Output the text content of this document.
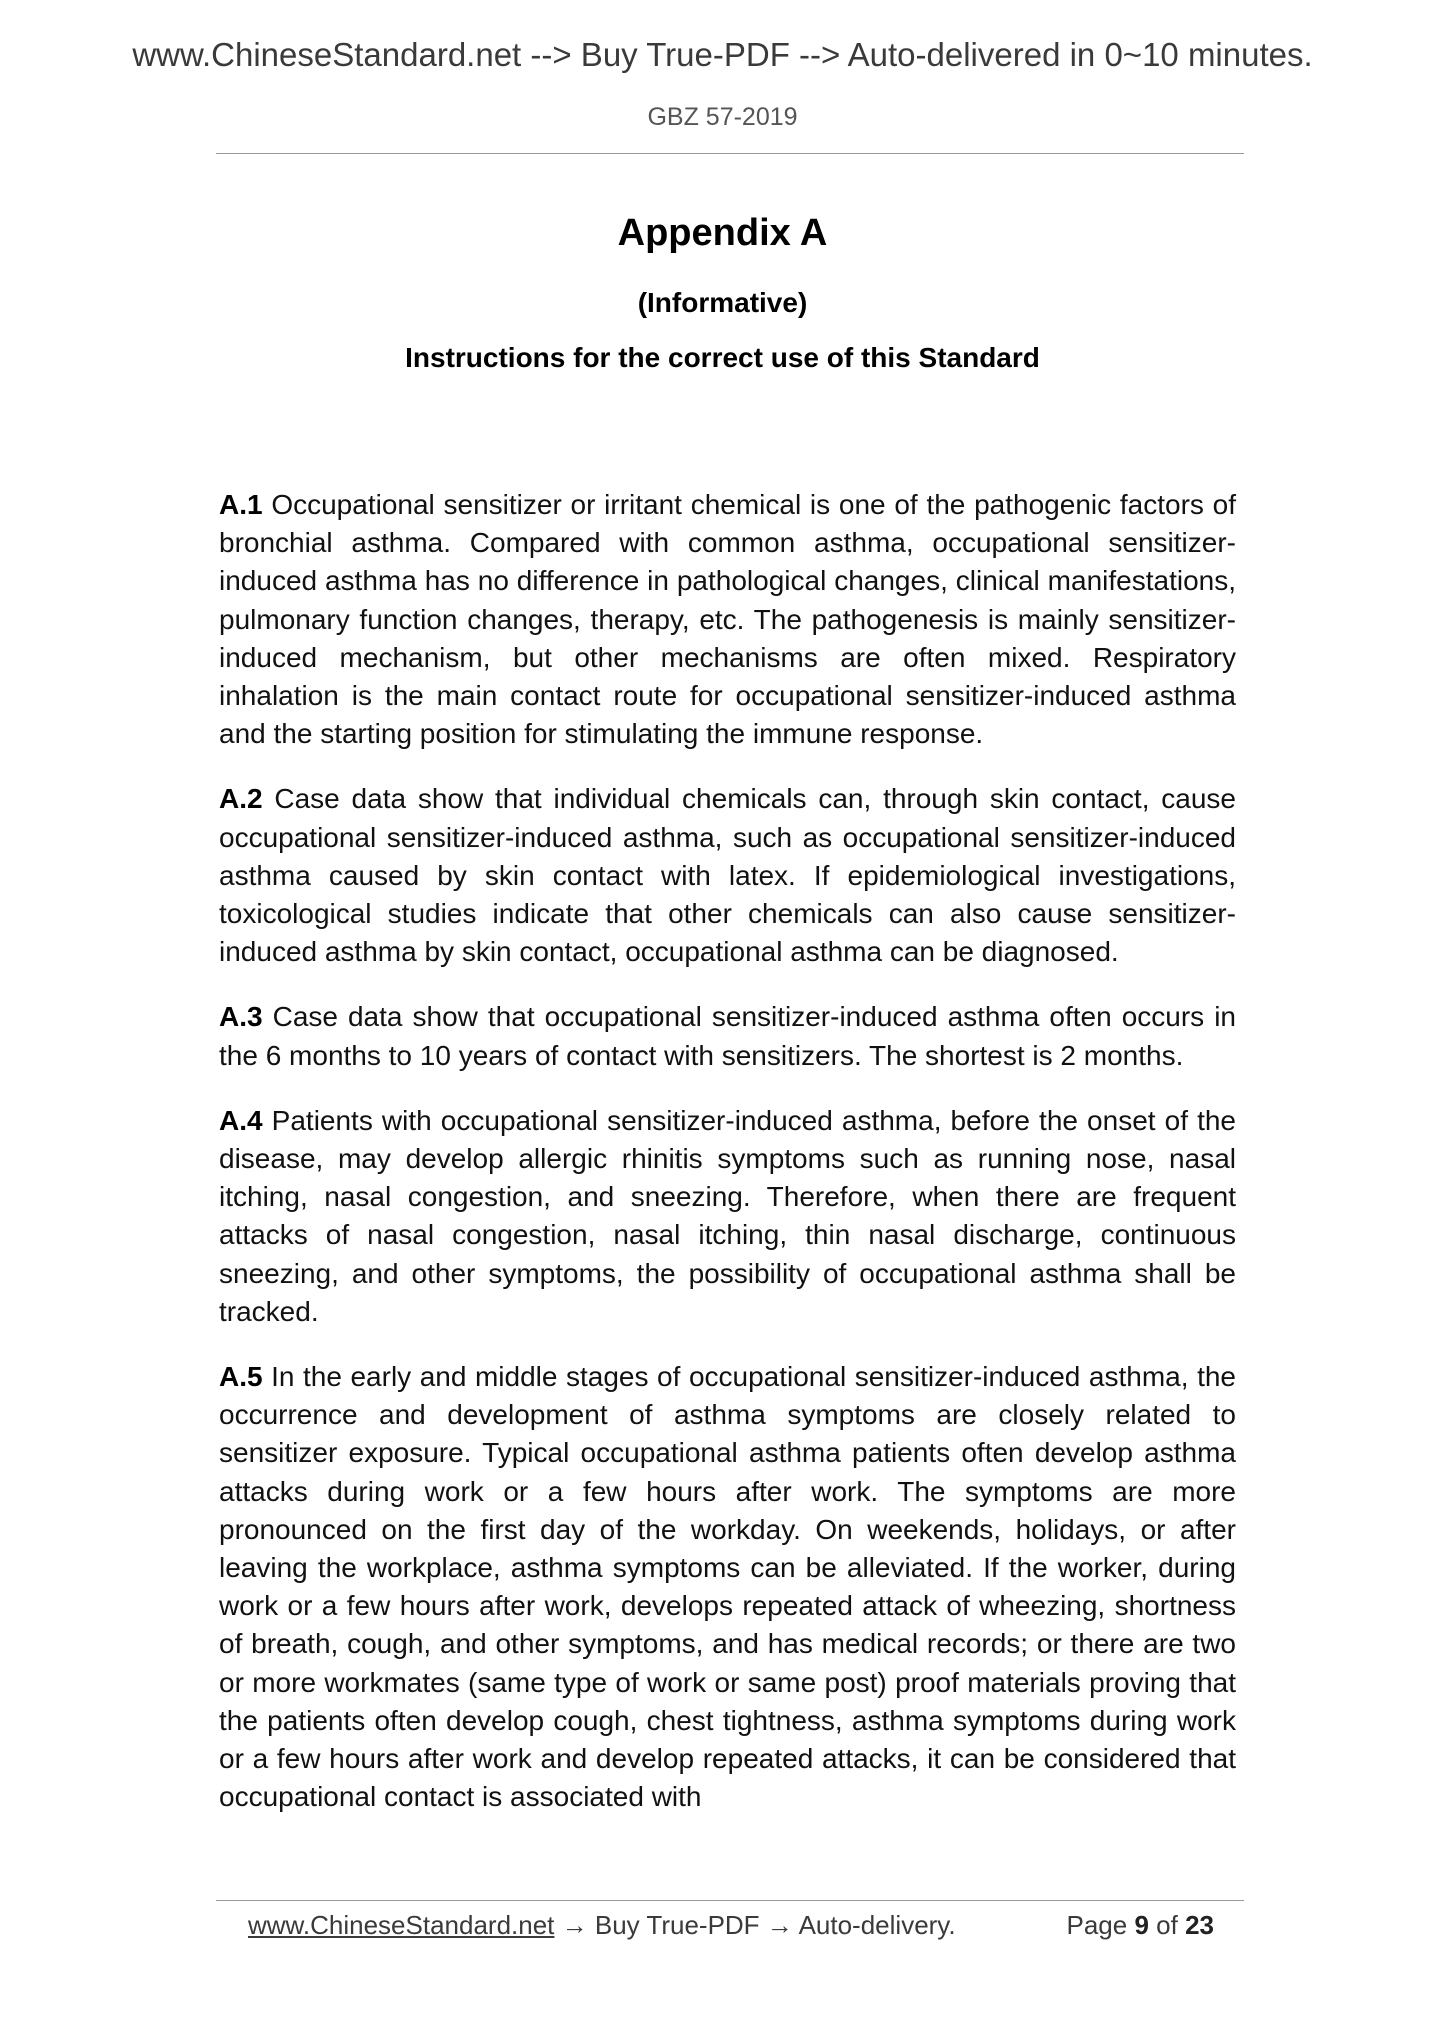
www.ChineseStandard.net --> Buy True-PDF --> Auto-delivered in 0~10 minutes.
GBZ 57-2019
Appendix A
(Informative)
Instructions for the correct use of this Standard

A.1 Occupational sensitizer or irritant chemical is one of the pathogenic factors of bronchial asthma. Compared with common asthma, occupational sensitizer-induced asthma has no difference in pathological changes, clinical manifestations, pulmonary function changes, therapy, etc. The pathogenesis is mainly sensitizer-induced mechanism, but other mechanisms are often mixed. Respiratory inhalation is the main contact route for occupational sensitizer-induced asthma and the starting position for stimulating the immune response.

A.2 Case data show that individual chemicals can, through skin contact, cause occupational sensitizer-induced asthma, such as occupational sensitizer-induced asthma caused by skin contact with latex. If epidemiological investigations, toxicological studies indicate that other chemicals can also cause sensitizer-induced asthma by skin contact, occupational asthma can be diagnosed.

A.3 Case data show that occupational sensitizer-induced asthma often occurs in the 6 months to 10 years of contact with sensitizers. The shortest is 2 months.

A.4 Patients with occupational sensitizer-induced asthma, before the onset of the disease, may develop allergic rhinitis symptoms such as running nose, nasal itching, nasal congestion, and sneezing. Therefore, when there are frequent attacks of nasal congestion, nasal itching, thin nasal discharge, continuous sneezing, and other symptoms, the possibility of occupational asthma shall be tracked.

A.5 In the early and middle stages of occupational sensitizer-induced asthma, the occurrence and development of asthma symptoms are closely related to sensitizer exposure. Typical occupational asthma patients often develop asthma attacks during work or a few hours after work. The symptoms are more pronounced on the first day of the workday. On weekends, holidays, or after leaving the workplace, asthma symptoms can be alleviated. If the worker, during work or a few hours after work, develops repeated attack of wheezing, shortness of breath, cough, and other symptoms, and has medical records; or there are two or more workmates (same type of work or same post) proof materials proving that the patients often develop cough, chest tightness, asthma symptoms during work or a few hours after work and develop repeated attacks, it can be considered that occupational contact is associated with

www.ChineseStandard.net → Buy True-PDF → Auto-delivery.	Page 9 of 23
